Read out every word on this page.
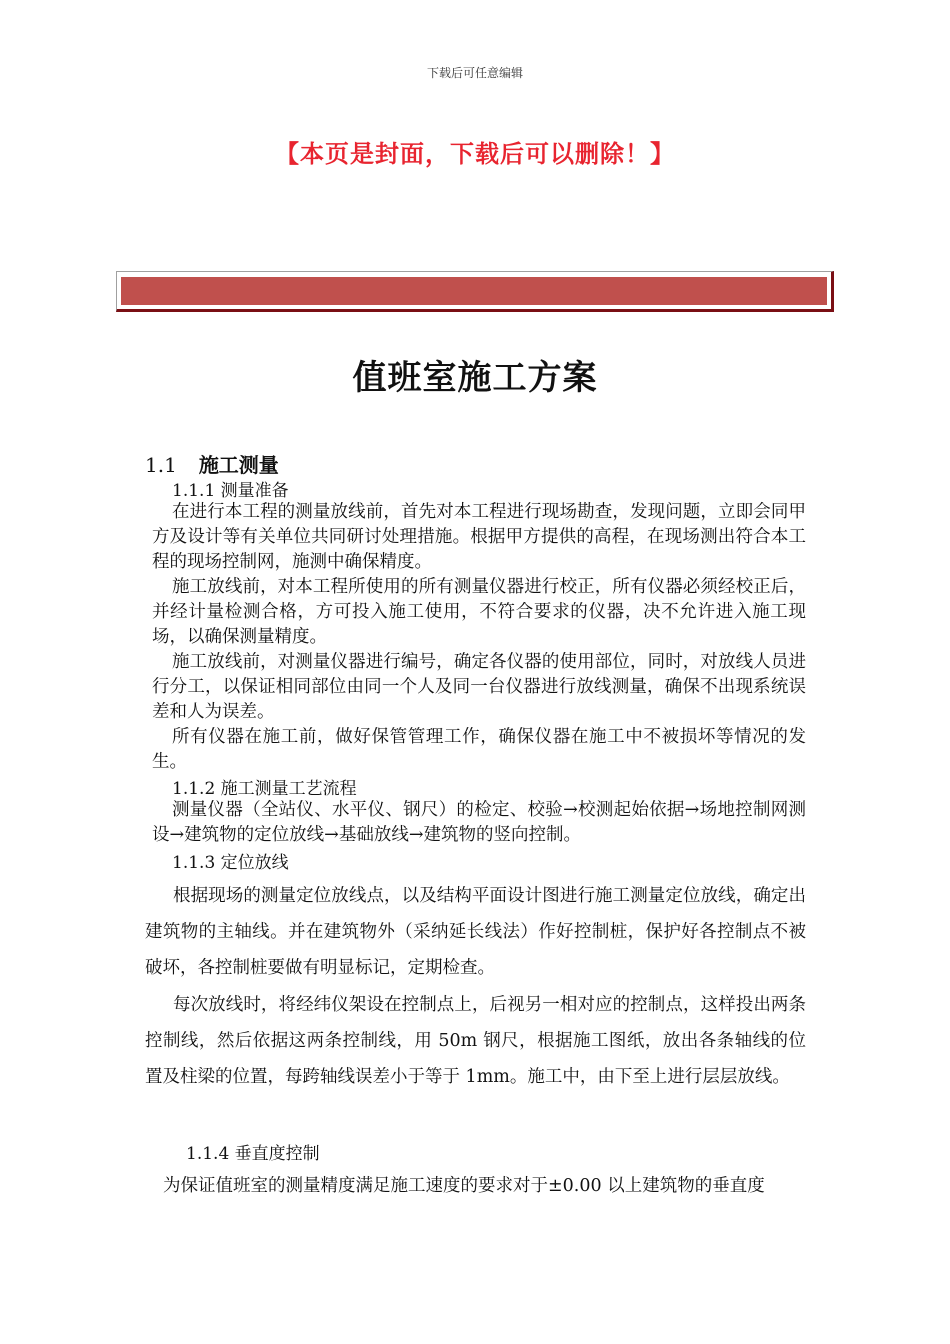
下载后可任意编辑
【本页是封面，下载后可以删除！】
值班室施工方案
1.1 施工测量
1.1.1 测量准备

在进行本工程的测量放线前，首先对本工程进行现场勘查，发现问题，立即会同甲方及设计等有关单位共同研讨处理措施。根据甲方提供的高程，在现场测出符合本工程的现场控制网，施测中确保精度。

施工放线前，对本工程所使用的所有测量仪器进行校正，所有仪器必须经校正后，并经计量检测合格，方可投入施工使用，不符合要求的仪器，决不允许进入施工现场，以确保测量精度。

施工放线前，对测量仪器进行编号，确定各仪器的使用部位，同时，对放线人员进行分工，以保证相同部位由同一个人及同一台仪器进行放线测量，确保不出现系统误差和人为误差。

所有仪器在施工前，做好保管管理工作，确保仪器在施工中不被损坏等情况的发生。

1.1.2 施工测量工艺流程

测量仪器（全站仪、水平仪、钢尺）的检定、校验→校测起始依据→场地控制网测设→建筑物的定位放线→基础放线→建筑物的竖向控制。

1.1.3 定位放线

根据现场的测量定位放线点，以及结构平面设计图进行施工测量定位放线，确定出建筑物的主轴线。并在建筑物外（采纳延长线法）作好控制桩，保护好各控制点不被破坏，各控制桩要做有明显标记，定期检查。

每次放线时，将经纬仪架设在控制点上，后视另一相对应的控制点，这样投出两条控制线，然后依据这两条控制线，用 50m 钢尺，根据施工图纸，放出各条轴线的位置及柱梁的位置，每跨轴线误差小于等于 1mm。施工中，由下至上进行层层放线。

1.1.4 垂直度控制

为保证值班室的测量精度满足施工速度的要求对于±0.00 以上建筑物的垂直度
